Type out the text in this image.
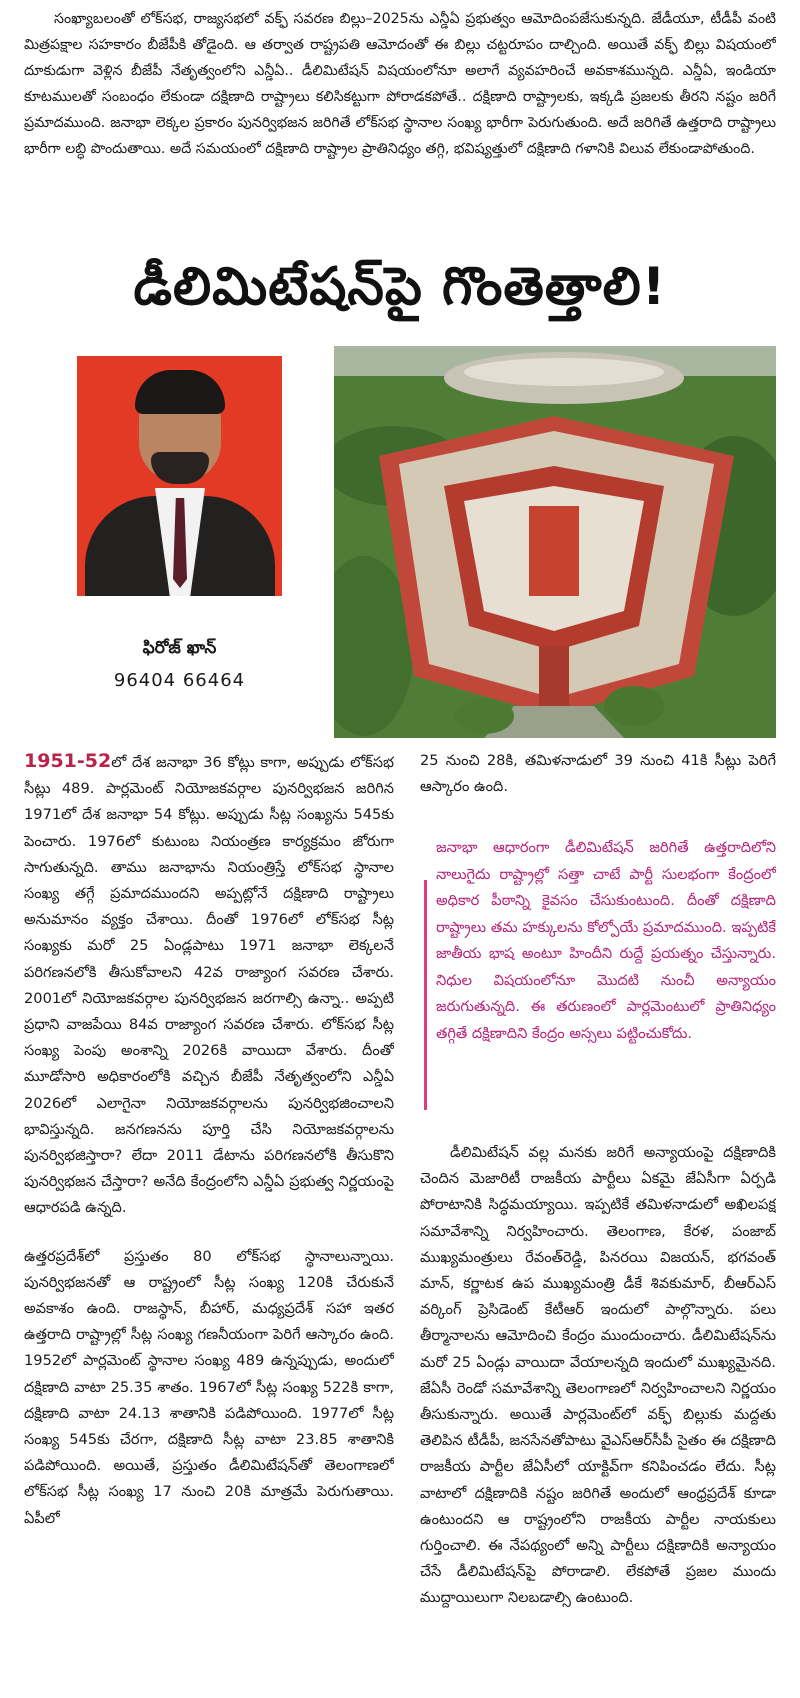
సంఖ్యాబలంతో లోక్‌సభ, రాజ్యసభలో వక్ఫ్ సవరణ బిల్లు–2025ను ఎన్డీఏ ప్రభుత్వం ఆమోదింపజేసుకున్నది. జేడీయూ, టీడీపీ వంటి మిత్రపక్షాల సహకారం బీజేపీకి తోడైంది. ఆ తర్వాత రాష్ట్రపతి ఆమోదంతో ఈ బిల్లు చట్టరూపం దాల్చింది. అయితే వక్ఫ్ బిల్లు విషయంలో దూకుడుగా వెళ్లిన బీజేపీ నేతృత్వంలోని ఎన్డీఏ.. డీలిమిటేషన్ విషయంలోనూ అలాగే వ్యవహరించే అవకాశమున్నది. ఎన్డీఏ, ఇండియా కూటములతో సంబంధం లేకుండా దక్షిణాది రాష్ట్రాలు కలిసికట్టుగా పోరాడకపోతే.. దక్షిణాది రాష్ట్రాలకు, ఇక్కడి ప్రజలకు తీరని నష్టం జరిగే ప్రమాదముంది. జనాభా లెక్కల ప్రకారం పునర్విభజన జరిగితే లోక్‌సభ స్థానాల సంఖ్య భారీగా పెరుగుతుంది. అదే జరిగితే ఉత్తరాది రాష్ట్రాలు భారీగా లబ్ధి పొందుతాయి. అదే సమయంలో దక్షిణాది రాష్ట్రాల ప్రాతినిధ్యం తగ్గి, భవిష్యత్తులో దక్షిణాది గళానికి విలువ లేకుండాపోతుంది.

డీలిమిటేషన్‌పై గొంతెత్తాలి!
ఫిరోజ్ ఖాన్
96404 66464

1951-52లో దేశ జనాభా 36 కోట్లు కాగా, అప్పుడు లోక్‌సభ సీట్లు 489. పార్లమెంట్ నియోజకవర్గాల పునర్విభజన జరిగిన 1971లో దేశ జనాభా 54 కోట్లు. అప్పుడు సీట్ల సంఖ్యను 545కు పెంచారు. 1976లో కుటుంబ నియంత్రణ కార్యక్రమం జోరుగా సాగుతున్నది. తాము జనాభాను నియంత్రిస్తే లోక్‌సభ స్థానాల సంఖ్య తగ్గే ప్రమాదముందని అప్పట్లోనే దక్షిణాది రాష్ట్రాలు అనుమానం వ్యక్తం చేశాయి. దీంతో 1976లో లోక్‌సభ సీట్ల సంఖ్యకు మరో 25 ఏండ్లపాటు 1971 జనాభా లెక్కలనే పరిగణనలోకి తీసుకోవాలని 42వ రాజ్యాంగ సవరణ చేశారు. 2001లో నియోజకవర్గాల పునర్విభజన జరగాల్సి ఉన్నా.. అప్పటి ప్రధాని వాజపేయి 84వ రాజ్యాంగ సవరణ చేశారు. లోక్‌సభ సీట్ల సంఖ్య పెంపు అంశాన్ని 2026కి వాయిదా వేశారు. దీంతో మూడోసారి అధికారంలోకి వచ్చిన బీజేపీ నేతృత్వంలోని ఎన్డీఏ 2026లో ఎలాగైనా నియోజకవర్గాలను పునర్విభజించాలని భావిస్తున్నది. జనగణనను పూర్తి చేసి నియోజకవర్గాలను పునర్విభజిస్తారా? లేదా 2011 డేటాను పరిగణనలోకి తీసుకొని పునర్విభజన చేస్తారా? అనేది కేంద్రంలోని ఎన్డీఏ ప్రభుత్వ నిర్ణయంపై ఆధారపడి ఉన్నది.

ఉత్తరప్రదేశ్‌లో ప్రస్తుతం 80 లోక్‌సభ స్థానాలున్నాయి. పునర్విభజనతో ఆ రాష్ట్రంలో సీట్ల సంఖ్య 120కి చేరుకునే అవకాశం ఉంది. రాజస్థాన్, బీహార్, మధ్యప్రదేశ్ సహా ఇతర ఉత్తరాది రాష్ట్రాల్లో సీట్ల సంఖ్య గణనీయంగా పెరిగే ఆస్కారం ఉంది. 1952లో పార్లమెంట్ స్థానాల సంఖ్య 489 ఉన్నప్పుడు, అందులో దక్షిణాది వాటా 25.35 శాతం. 1967లో సీట్ల సంఖ్య 522కి కాగా, దక్షిణాది వాటా 24.13 శాతానికి పడిపోయింది. 1977లో సీట్ల సంఖ్య 545కు చేరగా, దక్షిణాది సీట్ల వాటా 23.85 శాతానికి పడిపోయింది. అయితే, ప్రస్తుతం డీలిమిటేషన్‌తో తెలంగాణలో లోక్‌సభ సీట్ల సంఖ్య 17 నుంచి 20కి మాత్రమే పెరుగుతాయి. ఏపీలో

25 నుంచి 28కి, తమిళనాడులో 39 నుంచి 41కి సీట్లు పెరిగే ఆస్కారం ఉంది.

జనాభా ఆధారంగా డీలిమిటేషన్ జరిగితే ఉత్తరాదిలోని నాలుగైదు రాష్ట్రాల్లో సత్తా చాటే పార్టీ సులభంగా కేంద్రంలో అధికార పీఠాన్ని కైవసం చేసుకుంటుంది. దీంతో దక్షిణాది రాష్ట్రాలు తమ హక్కులను కోల్పోయే ప్రమాదముంది. ఇప్పటికే జాతీయ భాష అంటూ హిందీని రుద్దే ప్రయత్నం చేస్తున్నారు. నిధుల విషయంలోనూ మొదటి నుంచీ అన్యాయం జరుగుతున్నది. ఈ తరుణంలో పార్లమెంటులో ప్రాతినిధ్యం తగ్గితే దక్షిణాదిని కేంద్రం అస్సలు పట్టించుకోదు.

డీలిమిటేషన్ వల్ల మనకు జరిగే అన్యాయంపై దక్షిణాదికి చెందిన మెజారిటీ రాజకీయ పార్టీలు ఏకమై జేఏసీగా ఏర్పడి పోరాటానికి సిద్ధమయ్యాయి. ఇప్పటికే తమిళనాడులో అఖిలపక్ష సమావేశాన్ని నిర్వహించారు. తెలంగాణ, కేరళ, పంజాబ్ ముఖ్యమంత్రులు రేవంత్‌రెడ్డి, పినరయి విజయన్, భగవంత్ మాన్, కర్ణాటక ఉప ముఖ్యమంత్రి డీకే శివకుమార్, బీఆర్ఎస్ వర్కింగ్ ప్రెసిడెంట్ కేటీఆర్ ఇందులో పాల్గొన్నారు. పలు తీర్మానాలను ఆమోదించి కేంద్రం ముందుంచారు. డీలిమిటేషన్‌ను మరో 25 ఏండ్లు వాయిదా వేయాలన్నది ఇందులో ముఖ్యమైనది. జేఏసీ రెండో సమావేశాన్ని తెలంగాణలో నిర్వహించాలని నిర్ణయం తీసుకున్నారు. అయితే పార్లమెంట్‌లో వక్ఫ్ బిల్లుకు మద్దతు తెలిపిన టీడీపీ, జనసేనతోపాటు వైఎస్ఆర్‌సీపీ సైతం ఈ దక్షిణాది రాజకీయ పార్టీల జేఏసీలో యాక్టివ్‌గా కనిపించడం లేదు. సీట్ల వాటాలో దక్షిణాదికి నష్టం జరిగితే అందులో ఆంధ్రప్రదేశ్ కూడా ఉంటుందని ఆ రాష్ట్రంలోని రాజకీయ పార్టీల నాయకులు గుర్తించాలి. ఈ నేపథ్యంలో అన్ని పార్టీలు దక్షిణాదికి అన్యాయం చేసే డీలిమిటేషన్‌పై పోరాడాలి. లేకపోతే ప్రజల ముందు ముద్దాయిలుగా నిలబడాల్సి ఉంటుంది.
